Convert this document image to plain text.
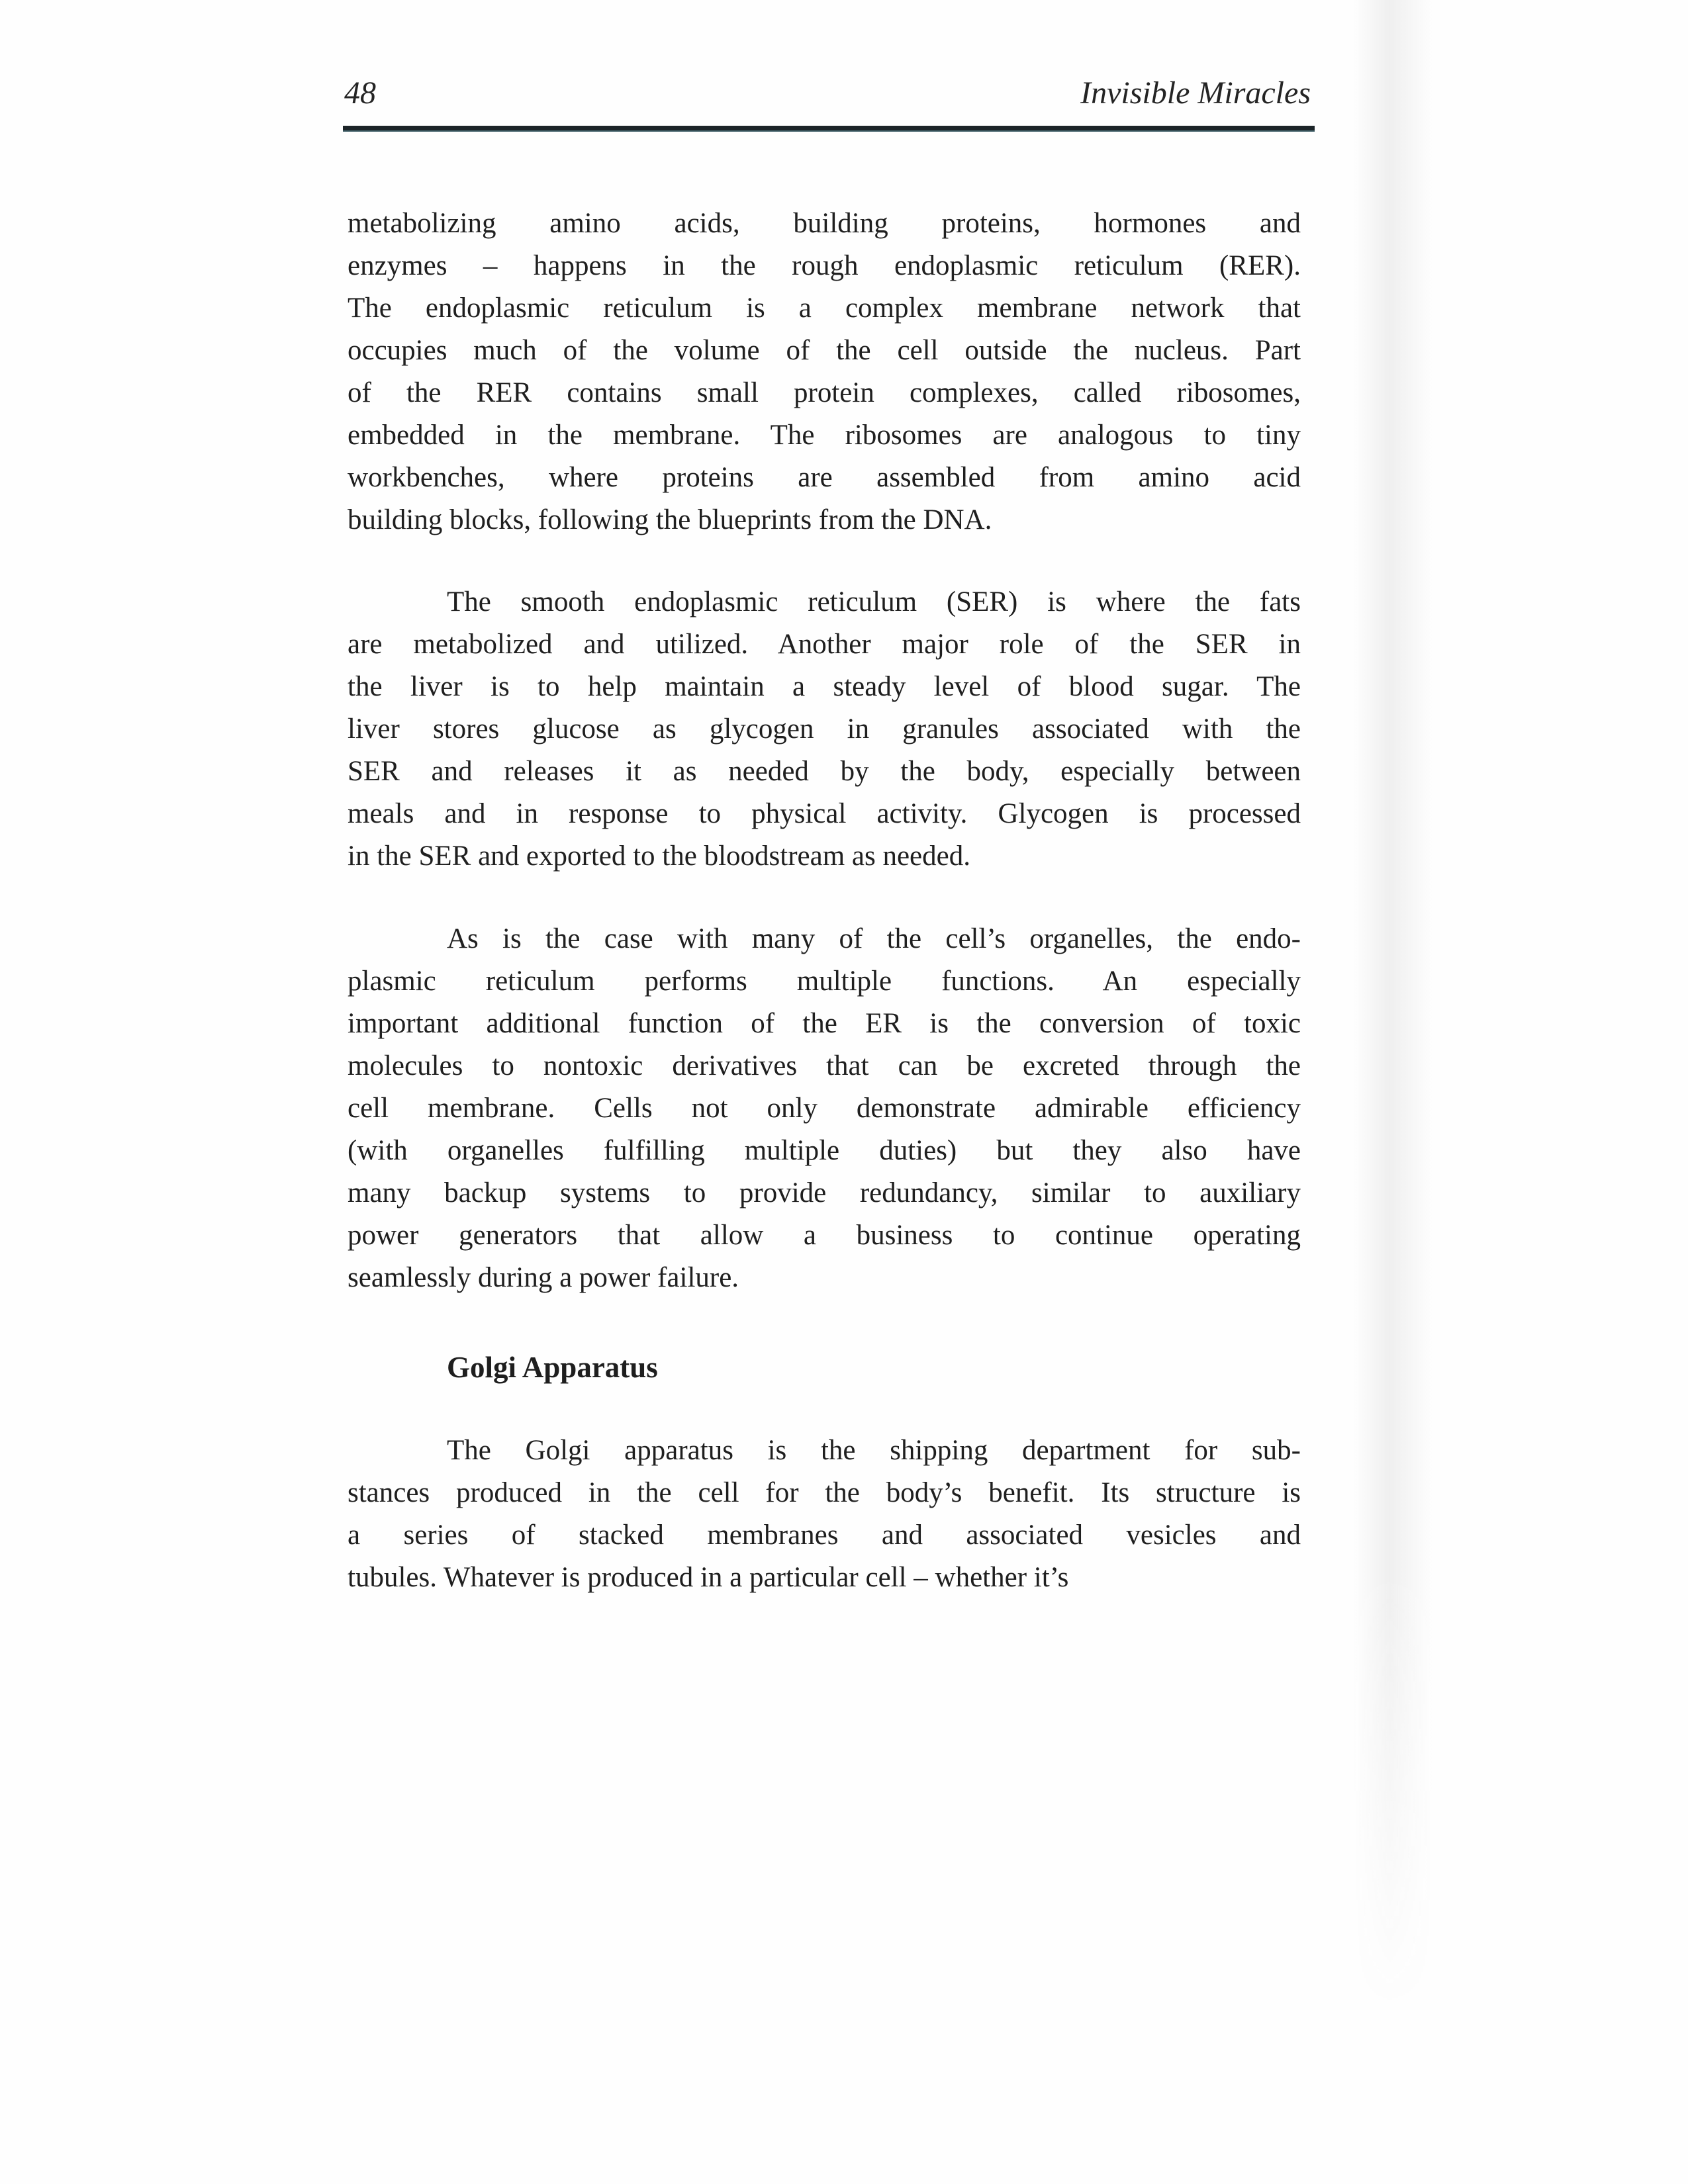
48	Invisible Miracles
metabolizing amino acids, building proteins, hormones and
enzymes – happens in the rough endoplasmic reticulum (RER).
The endoplasmic reticulum is a complex membrane network that
occupies much of the volume of the cell outside the nucleus. Part
of the RER contains small protein complexes, called ribosomes,
embedded in the membrane. The ribosomes are analogous to tiny
workbenches, where proteins are assembled from amino acid
building blocks, following the blueprints from the DNA.
The smooth endoplasmic reticulum (SER) is where the fats
are metabolized and utilized. Another major role of the SER in
the liver is to help maintain a steady level of blood sugar. The
liver stores glucose as glycogen in granules associated with the
SER and releases it as needed by the body, especially between
meals and in response to physical activity. Glycogen is processed
in the SER and exported to the bloodstream as needed.
As is the case with many of the cell’s organelles, the endo-
plasmic reticulum performs multiple functions. An especially
important additional function of the ER is the conversion of toxic
molecules to nontoxic derivatives that can be excreted through the
cell membrane. Cells not only demonstrate admirable efficiency
(with organelles fulfilling multiple duties) but they also have
many backup systems to provide redundancy, similar to auxiliary
power generators that allow a business to continue operating
seamlessly during a power failure.
Golgi Apparatus
The Golgi apparatus is the shipping department for sub-
stances produced in the cell for the body’s benefit. Its structure is
a series of stacked membranes and associated vesicles and
tubules. Whatever is produced in a particular cell – whether it’s
